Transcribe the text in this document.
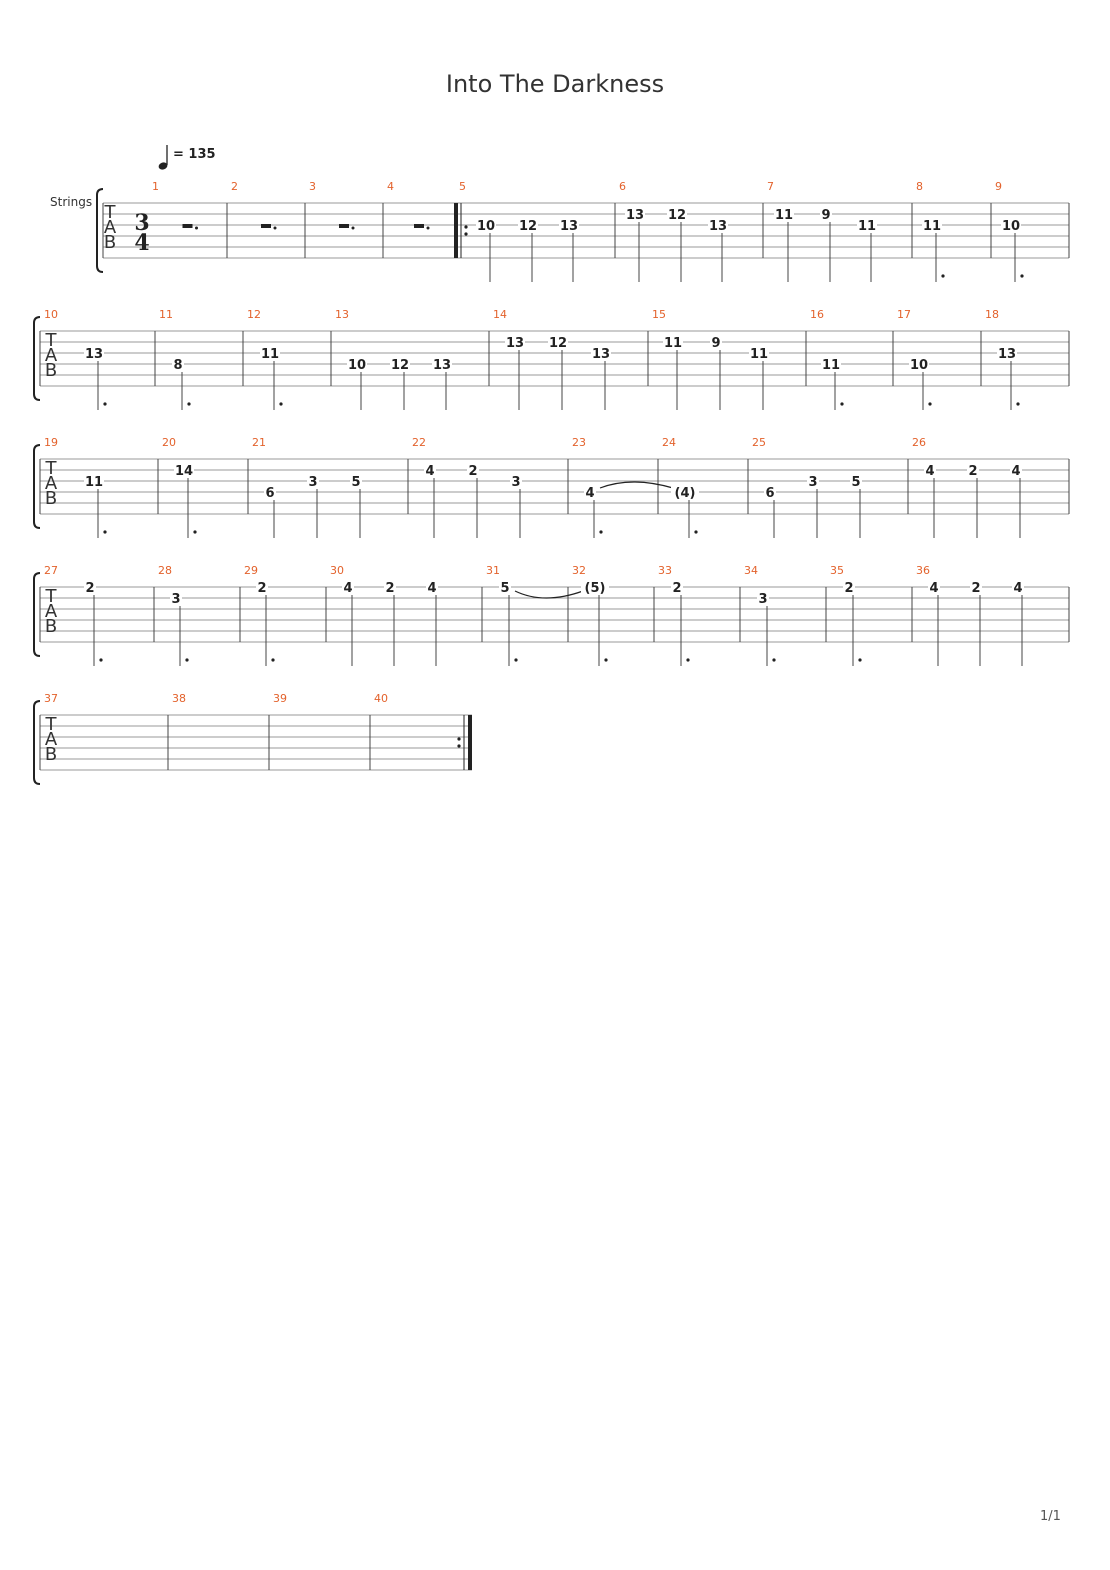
Into The Darkness
T
A
B
Strings
3
4
= 135
1	2	3	4	5
10 12 13
6
13 12
13
7
11 9
11
8
11
9
10
T
A
B
10
13
11
8
12
11
13
10 12 13
14
13 12
13
15
11 9
11
16
11
17
10
18
13
T
A
B
19
11
20
14
21
6
3	5
22
4	2
3
23
4
24
(4)
25
6
3	5
26
4	2	4
T
A
B
27
2
28
3
29
2
30
4	2	4
31
5
32
(5)
33
2
34
3
35
2
36
4	2	4
T
A
B
37	38	39	40
1/1
